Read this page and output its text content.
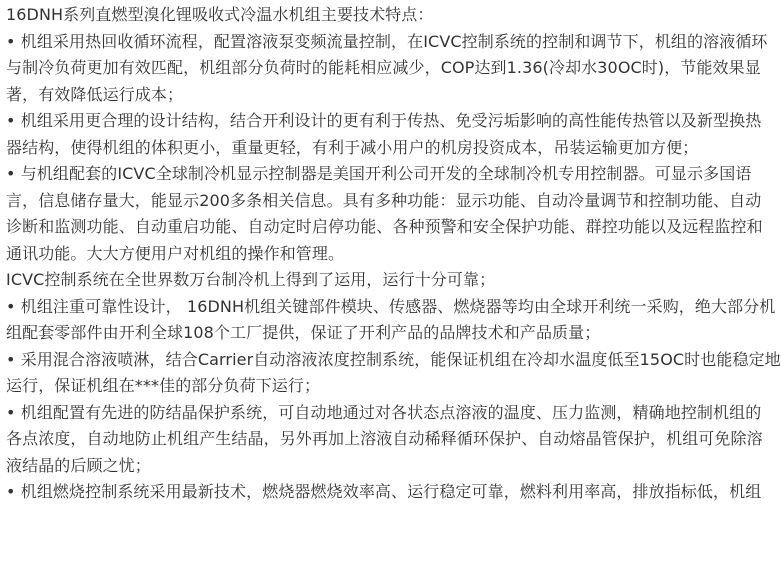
16DNH系列直燃型溴化锂吸收式冷温水机组主要技术特点：
• 机组采用热回收循环流程，配置溶液泵变频流量控制，在ICVC控制系统的控制和调节下，机组的溶液循环
与制冷负荷更加有效匹配，机组部分负荷时的能耗相应减少，COP达到1.36(冷却水30OC时)，节能效果显
著，有效降低运行成本；
• 机组采用更合理的设计结构，结合开利设计的更有利于传热、免受污垢影响的高性能传热管以及新型换热
器结构，使得机组的体积更小，重量更轻，有利于减小用户的机房投资成本，吊装运输更加方便；
• 与机组配套的ICVC全球制冷机显示控制器是美国开利公司开发的全球制冷机专用控制器。可显示多国语
言，信息储存量大，能显示200多条相关信息。具有多种功能：显示功能、自动冷量调节和控制功能、自动
诊断和监测功能、自动重启功能、自动定时启停功能、各种预警和安全保护功能、群控功能以及远程监控和
通讯功能。大大方便用户对机组的操作和管理。
ICVC控制系统在全世界数万台制冷机上得到了运用，运行十分可靠；
• 机组注重可靠性设计， 16DNH机组关键部件模块、传感器、燃烧器等均由全球开利统一采购，绝大部分机
组配套零部件由开利全球108个工厂提供，保证了开利产品的品牌技术和产品质量；
• 采用混合溶液喷淋，结合Carrier自动溶液浓度控制系统，能保证机组在冷却水温度低至15OC时也能稳定地
运行，保证机组在***佳的部分负荷下运行；
• 机组配置有先进的防结晶保护系统，可自动地通过对各状态点溶液的温度、压力监测，精确地控制机组的
各点浓度，自动地防止机组产生结晶，另外再加上溶液自动稀释循环保护、自动熔晶管保护，机组可免除溶
液结晶的后顾之忧；
• 机组燃烧控制系统采用最新技术，燃烧器燃烧效率高、运行稳定可靠，燃料利用率高，排放指标低，机组
